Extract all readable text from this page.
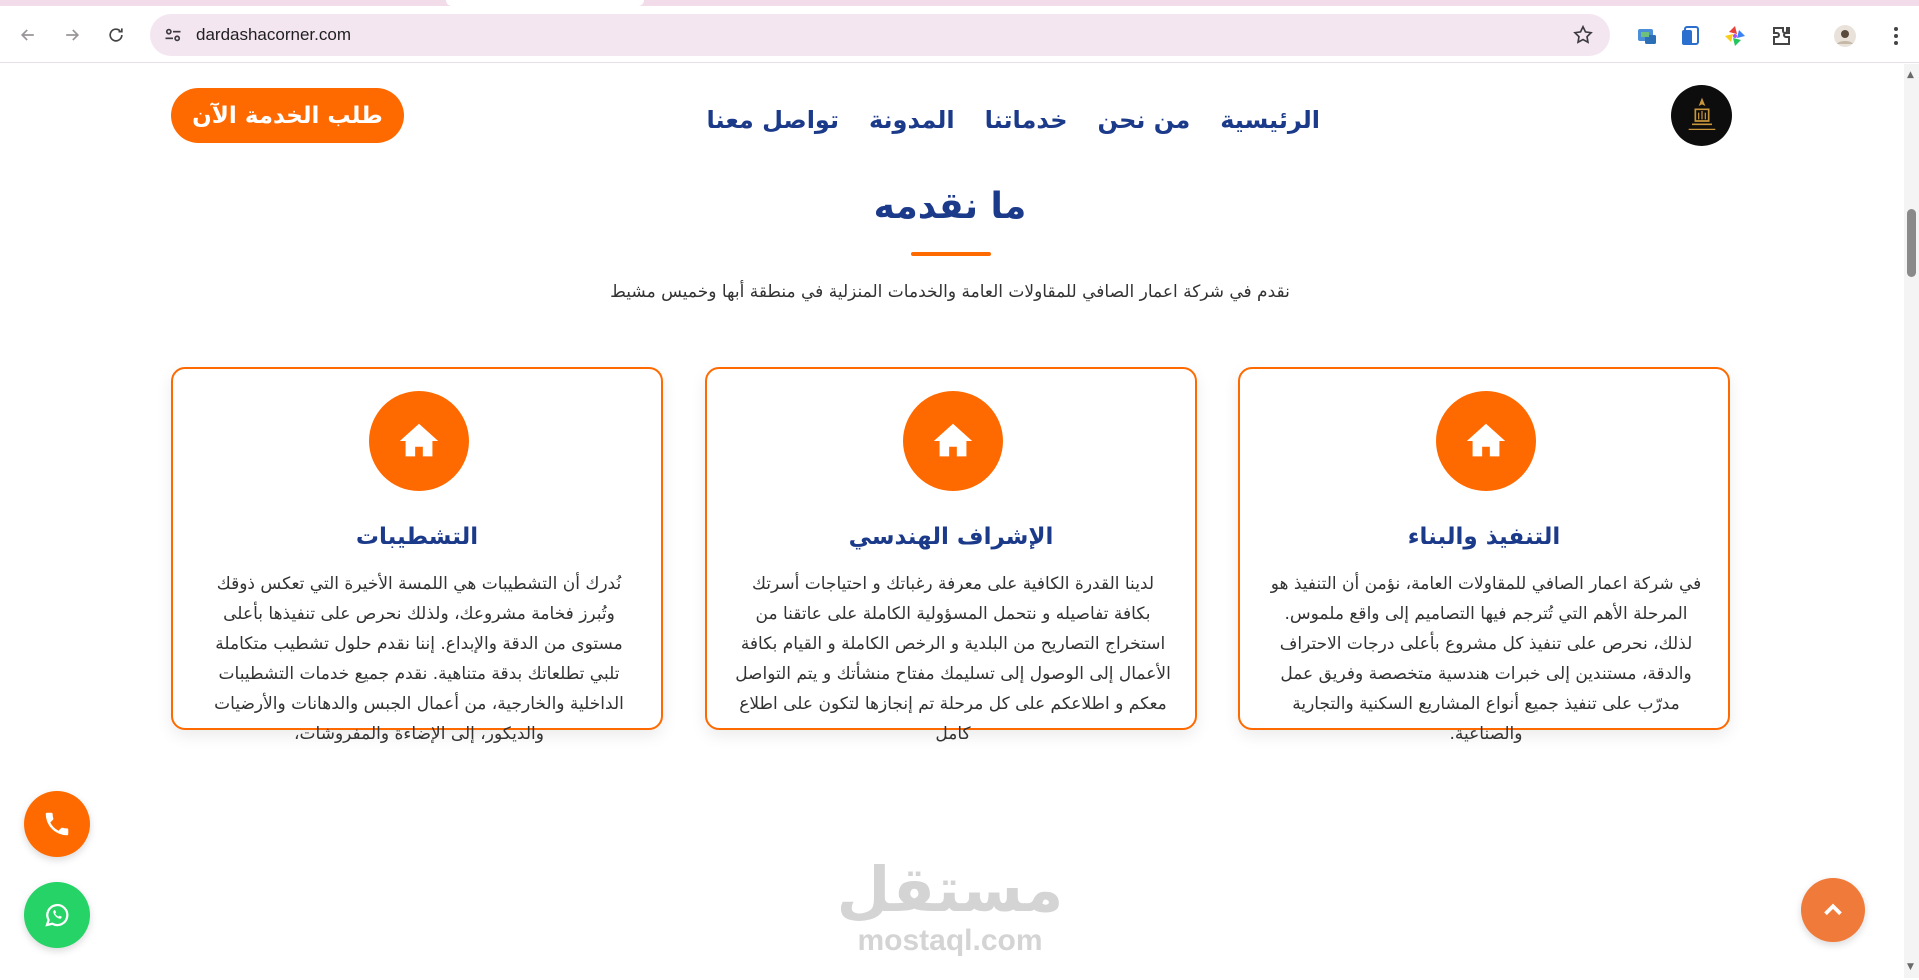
dardashacorner.com
الرئيسية
من نحن
خدماتنا
المدونة
تواصل معنا
طلب الخدمة الآن
ما نقدمه
نقدم في شركة اعمار الصافي للمقاولات العامة والخدمات المنزلية في منطقة أبها وخميس مشيط
التنفيذ والبناء
في شركة اعمار الصافي للمقاولات العامة، نؤمن أن التنفيذ هو المرحلة الأهم التي تُترجم فيها التصاميم إلى واقع ملموس. لذلك، نحرص على تنفيذ كل مشروع بأعلى درجات الاحتراف والدقة، مستندين إلى خبرات هندسية متخصصة وفريق عمل مدرّب على تنفيذ جميع أنواع المشاريع السكنية والتجارية والصناعية.
الإشراف الهندسي
لدينا القدرة الكافية على معرفة رغباتك و احتياجات أسرتك بكافة تفاصيله و نتحمل المسؤولية الكاملة على عاتقنا من استخراج التصاريح من البلدية و الرخص الكاملة و القيام بكافة الأعمال إلى الوصول إلى تسليمك مفتاح منشأتك و يتم التواصل معكم و اطلاعكم على كل مرحلة تم إنجازها لتكون على اطلاع كامل
التشطيبات
نُدرك أن التشطيبات هي اللمسة الأخيرة التي تعكس ذوقك وتُبرز فخامة مشروعك، ولذلك نحرص على تنفيذها بأعلى مستوى من الدقة والإبداع. إننا نقدم حلول تشطيب متكاملة تلبي تطلعاتك بدقة متناهية. نقدم جميع خدمات التشطيبات الداخلية والخارجية، من أعمال الجبس والدهانات والأرضيات والديكور، إلى الإضاءة والمفروشات،
مستقل
mostaql.com
▲
▼
